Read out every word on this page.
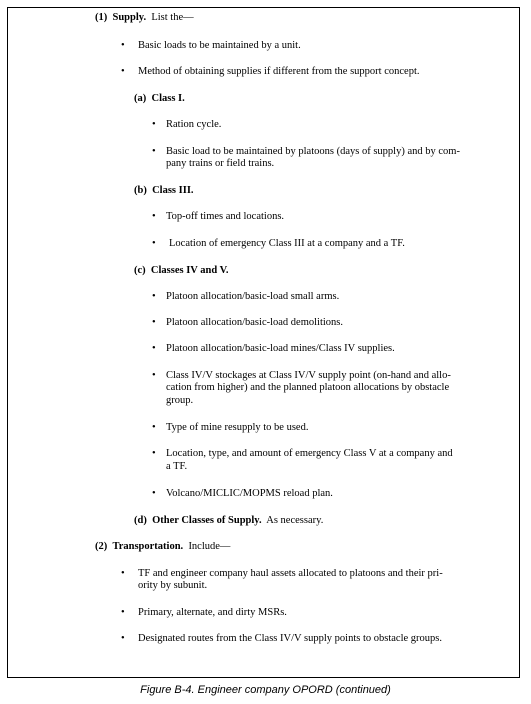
(1) Supply. List the—
• Basic loads to be maintained by a unit.
• Method of obtaining supplies if different from the support concept.
(a) Class I.
• Ration cycle.
• Basic load to be maintained by platoons (days of supply) and by com-
pany trains or field trains.
(b) Class III.
• Top-off times and locations.
• Location of emergency Class III at a company and a TF.
(c) Classes IV and V.
• Platoon allocation/basic-load small arms.
• Platoon allocation/basic-load demolitions.
• Platoon allocation/basic-load mines/Class IV supplies.
• Class IV/V stockages at Class IV/V supply point (on-hand and allo-
cation from higher) and the planned platoon allocations by obstacle
group.
• Type of mine resupply to be used.
• Location, type, and amount of emergency Class V at a company and
a TF.
• Volcano/MICLIC/MOPMS reload plan.
(d) Other Classes of Supply. As necessary.
(2) Transportation. Include—
• TF and engineer company haul assets allocated to platoons and their pri-
ority by subunit.
• Primary, alternate, and dirty MSRs.
• Designated routes from the Class IV/V supply points to obstacle groups.
Figure B-4. Engineer company OPORD (continued)
